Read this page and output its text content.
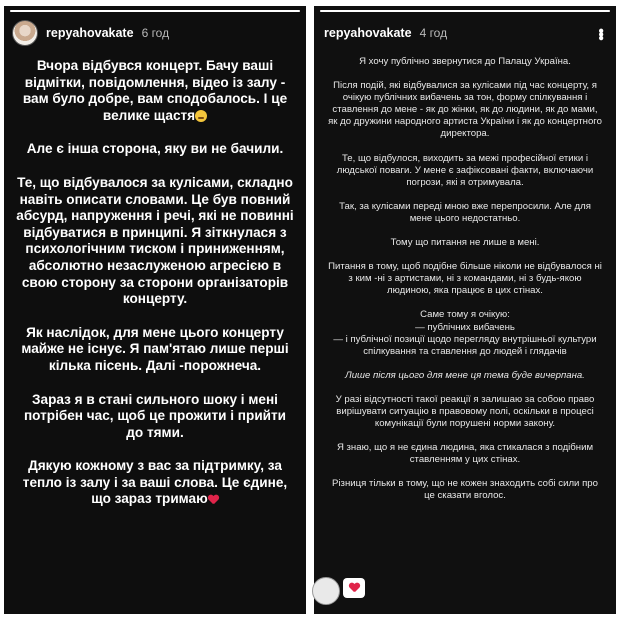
repyahovakate 6 год

Вчора відбувся концерт. Бачу ваші відмітки, повідомлення, відео із залу - вам було добре, вам сподобалось. І це велике щастя

Але є інша сторона, яку ви не бачили.

Те, що відбувалося за кулісами, складно навіть описати словами. Це був повний абсурд, напруження і речі, які не повинні відбуватися в принципі. Я зіткнулася з психологічним тиском і приниженням, абсолютно незаслуженою агресією в свою сторону за сторони організаторів концерту.

Як наслідок, для мене цього концерту майже не існує. Я пам'ятаю лише перші кілька пісень. Далі -порожнеча.

Зараз я в стані сильного шоку і мені потрібен час, щоб це прожити і прийти до тями.

Дякую кожному з вас за підтримку, за тепло із залу і за ваші слова. Це єдине, що зараз тримаю

repyahovakate 4 год	•••

Я хочу публічно звернутися до Палацу Україна.

Після подій, які відбувалися за кулісами під час концерту, я очікую публічних вибачень за тон, форму спілкування і ставлення до мене - як до жінки, як до людини, як до мами, як до дружини народного артиста України і як до концертного директора.

Те, що відбулося, виходить за межі професійної етики і людської поваги. У мене є зафіксовані факти, включаючи погрози, які я отримувала.

Так, за кулісами переді мною вже перепросили. Але для мене цього недостатньо.

Тому що питання не лише в мені.

Питання в тому, щоб подібне більше ніколи не відбувалося ні з ким -ні з артистами, ні з командами, ні з будь-якою людиною, яка працює в цих стінах.

Саме тому я очікую:
— публічних вибачень
— і публічної позиції щодо перегляду внутрішньої культури спілкування та ставлення до людей і глядачів

Лише після цього для мене ця тема буде вичерпана.

У разі відсутності такої реакції я залишаю за собою право вирішувати ситуацію в правовому полі, оскільки в процесі комунікації були порушені норми закону.

Я знаю, що я не єдина людина, яка стикалася з подібним ставленням у цих стінах.

Різниця тільки в тому, що не кожен знаходить собі сили про це сказати вголос.
